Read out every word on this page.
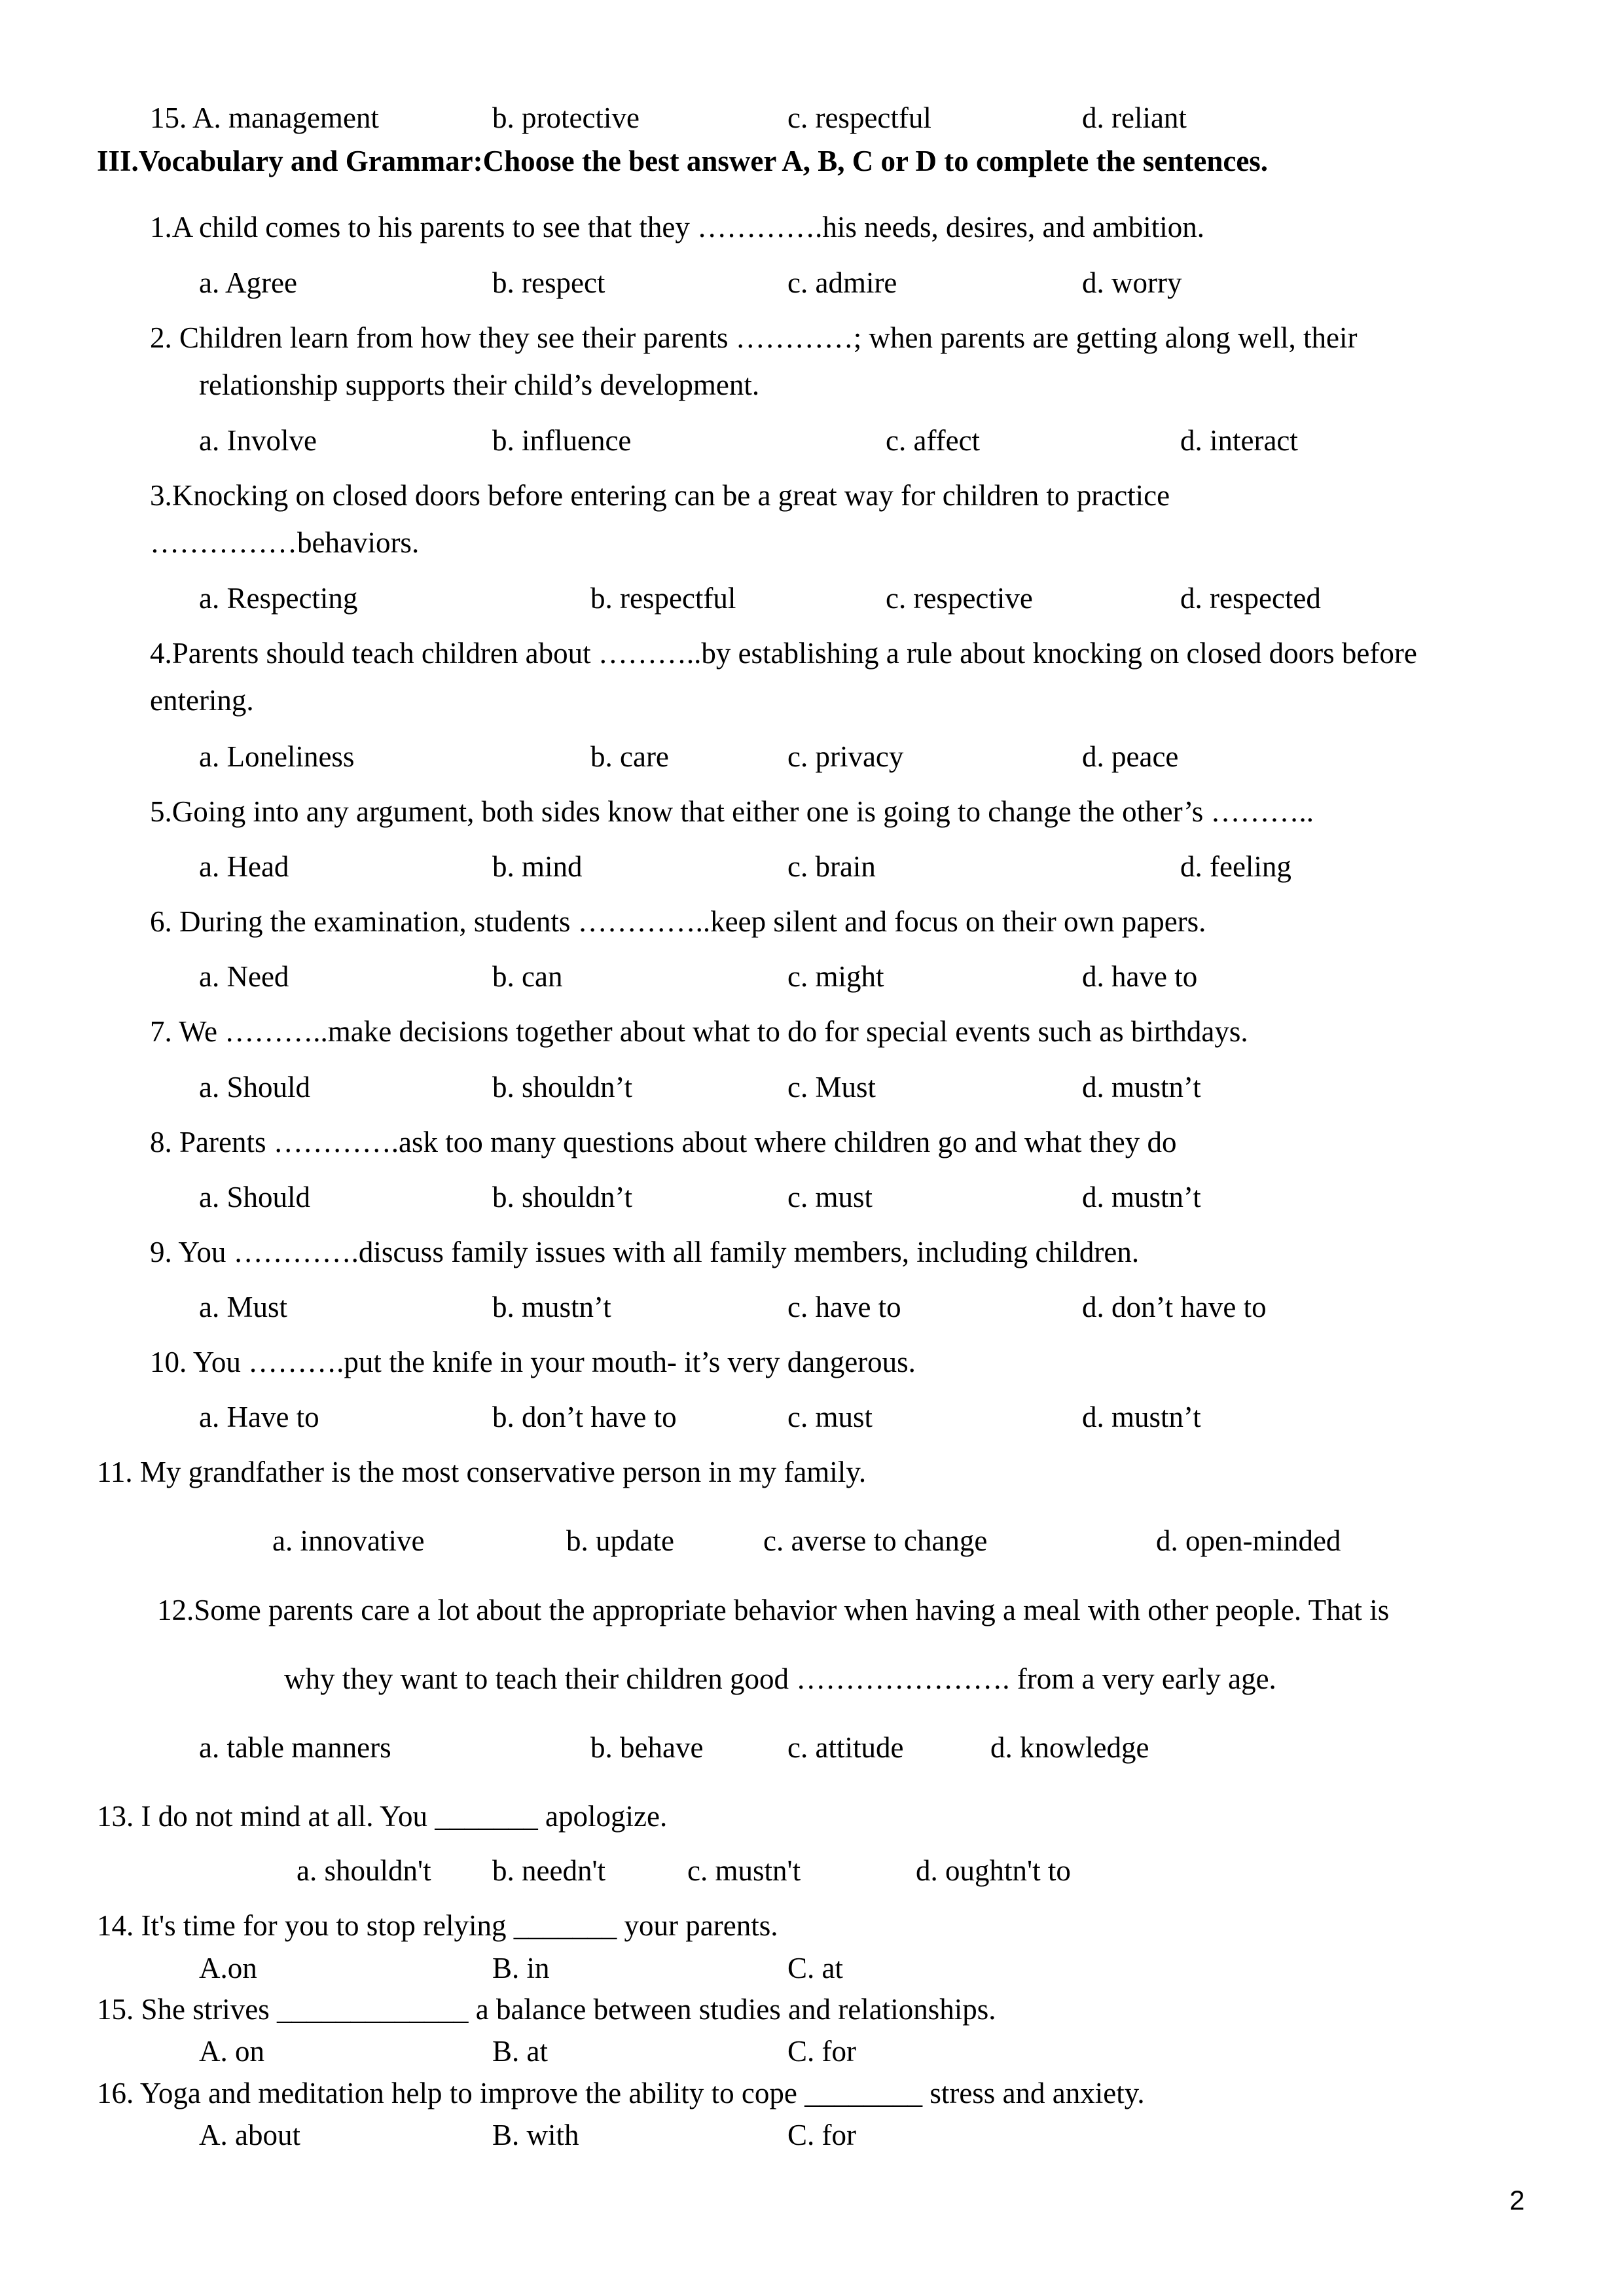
15. A. management	b. protective	c. respectful	d. reliant
III.Vocabulary and Grammar:Choose the best answer A, B, C or D to complete the sentences.
1.A child comes to his parents to see that they ………….his needs, desires, and ambition.
a. Agree	b. respect	c. admire	d. worry
2. Children learn from how they see their parents …………; when parents are getting along well, their
relationship supports their child’s development.
a. Involve	b. influence	c. affect	d. interact
3.Knocking on closed doors before entering can be a great way for children to practice
……………behaviors.
a. Respecting	b. respectful	c. respective	d. respected
4.Parents should teach children about ………..by establishing a rule about knocking on closed doors before
entering.
a. Loneliness	b. care	c. privacy	d. peace
5.Going into any argument, both sides know that either one is going to change the other’s ………..
a. Head	b. mind	c. brain	d. feeling
6. During the examination, students …………..keep silent and focus on their own papers.
a. Need	b. can	c. might	d. have to
7. We ………..make decisions together about what to do for special events such as birthdays.
a. Should	b. shouldn’t	c. Must	d. mustn’t
8. Parents ………….ask too many questions about where children go and what they do
a. Should	b. shouldn’t	c. must	d. mustn’t
9. You ………….discuss family issues with all family members, including children.
a. Must	b. mustn’t	c. have to	d. don’t have to
10. You ……….put the knife in your mouth- it’s very dangerous.
a. Have to	b. don’t have to	c. must	d. mustn’t
11. My grandfather is the most conservative person in my family.
a. innovative	b. update	c. averse to change	d. open-minded
12.Some parents care a lot about the appropriate behavior when having a meal with other people. That is
why they want to teach their children good …………………. from a very early age.
a. table manners	b. behave	c. attitude	d. knowledge
13. I do not mind at all. You _______ apologize.
a. shouldn't b. needn't	c. mustn't	d. oughtn't to
14. It's time for you to stop relying _______ your parents.
A.on	B. in	C. at
15. She strives _____________ a balance between studies and relationships.
A. on	B. at	C. for
16. Yoga and meditation help to improve the ability to cope ________ stress and anxiety.
A. about	B. with	C. for
2
